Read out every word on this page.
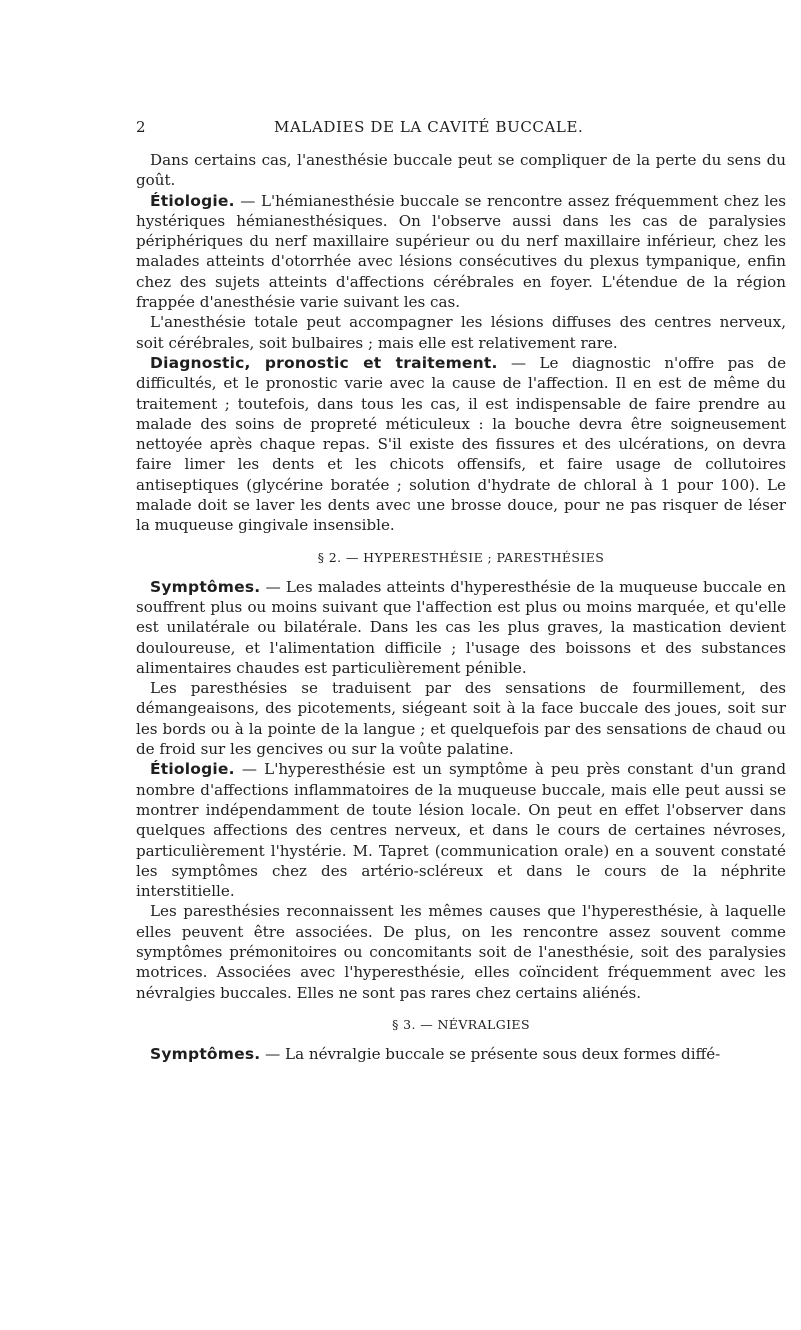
2	MALADIES DE LA CAVITÉ BUCCALE.

Dans certains cas, l'anesthésie buccale peut se compliquer de la perte du sens du goût.

Étiologie. — L'hémianesthésie buccale se rencontre assez fréquemment chez les hystériques hémianesthésiques. On l'observe aussi dans les cas de paralysies périphériques du nerf maxillaire supérieur ou du nerf maxillaire inférieur, chez les malades atteints d'otorrhée avec lésions consécutives du plexus tympanique, enfin chez des sujets atteints d'affections cérébrales en foyer. L'étendue de la région frappée d'anesthésie varie suivant les cas.

L'anesthésie totale peut accompagner les lésions diffuses des centres nerveux, soit cérébrales, soit bulbaires ; mais elle est relativement rare.

Diagnostic, pronostic et traitement. — Le diagnostic n'offre pas de difficultés, et le pronostic varie avec la cause de l'affection. Il en est de même du traitement ; toutefois, dans tous les cas, il est indispensable de faire prendre au malade des soins de propreté méticuleux : la bouche devra être soigneusement nettoyée après chaque repas. S'il existe des fissures et des ulcérations, on devra faire limer les dents et les chicots offensifs, et faire usage de collutoires antiseptiques (glycérine boratée ; solution d'hydrate de chloral à 1 pour 100). Le malade doit se laver les dents avec une brosse douce, pour ne pas risquer de léser la muqueuse gingivale insensible.

§ 2. — HYPERESTHÉSIE ; PARESTHÉSIES

Symptômes. — Les malades atteints d'hyperesthésie de la muqueuse buccale en souffrent plus ou moins suivant que l'affection est plus ou moins marquée, et qu'elle est unilatérale ou bilatérale. Dans les cas les plus graves, la mastication devient douloureuse, et l'alimentation difficile ; l'usage des boissons et des substances alimentaires chaudes est particulièrement pénible.

Les paresthésies se traduisent par des sensations de fourmillement, des démangeaisons, des picotements, siégeant soit à la face buccale des joues, soit sur les bords ou à la pointe de la langue ; et quelquefois par des sensations de chaud ou de froid sur les gencives ou sur la voûte palatine.

Étiologie. — L'hyperesthésie est un symptôme à peu près constant d'un grand nombre d'affections inflammatoires de la muqueuse buccale, mais elle peut aussi se montrer indépendamment de toute lésion locale. On peut en effet l'observer dans quelques affections des centres nerveux, et dans le cours de certaines névroses, particulièrement l'hystérie. M. Tapret (communication orale) en a souvent constaté les symptômes chez des artério-scléreux et dans le cours de la néphrite interstitielle.

Les paresthésies reconnaissent les mêmes causes que l'hyperesthésie, à laquelle elles peuvent être associées. De plus, on les rencontre assez souvent comme symptômes prémonitoires ou concomitants soit de l'anesthésie, soit des paralysies motrices. Associées avec l'hyperesthésie, elles coïncident fréquemment avec les névralgies buccales. Elles ne sont pas rares chez certains aliénés.

§ 3. — NÉVRALGIES

Symptômes. — La névralgie buccale se présente sous deux formes diffé-
